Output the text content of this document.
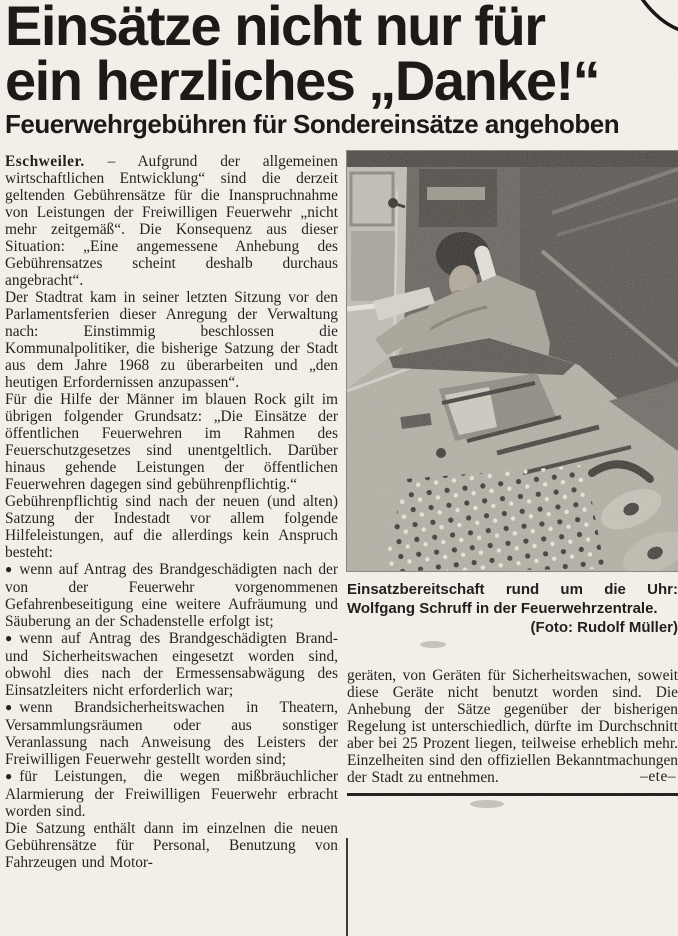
Einsätze nicht nur für
ein herzliches „Danke!“
Feuerwehrgebühren für Sondereinsätze angehoben

Eschweiler. – Aufgrund der allgemeinen wirtschaftlichen Entwicklung“ sind die derzeit geltenden Gebührensätze für die Inanspruchnahme von Leistungen der Freiwilligen Feuerwehr „nicht mehr zeitgemäß“. Die Konsequenz aus dieser Situation: „Eine angemessene Anhebung des Gebührensatzes scheint deshalb durchaus angebracht“.

Der Stadtrat kam in seiner letzten Sitzung vor den Parlamentsferien dieser Anregung der Verwaltung nach: Einstimmig beschlossen die Kommunalpolitiker, die bisherige Satzung der Stadt aus dem Jahre 1968 zu überarbeiten und „den heutigen Erfordernissen anzupassen“.

Für die Hilfe der Männer im blauen Rock gilt im übrigen folgender Grundsatz: „Die Einsätze der öffentlichen Feuerwehren im Rahmen des Feuerschutzgesetzes sind unentgeltlich. Darüber hinaus gehende Leistungen der öffentlichen Feuerwehren dagegen sind gebührenpflichtig.“

Gebührenpflichtig sind nach der neuen (und alten) Satzung der Indestadt vor allem folgende Hilfeleistungen, auf die allerdings kein Anspruch besteht:

● wenn auf Antrag des Brandgeschädigten nach der von der Feuerwehr vorgenommenen Gefahrenbeseitigung eine weitere Aufräumung und Säuberung an der Schadenstelle erfolgt ist;

● wenn auf Antrag des Brandgeschädigten Brand- und Sicherheitswachen eingesetzt worden sind, obwohl dies nach der Ermessensabwägung des Einsatzleiters nicht erforderlich war;

● wenn Brandsicherheitswachen in Theatern, Versammlungsräumen oder aus sonstiger Veranlassung nach Anweisung des Leisters der Freiwilligen Feuerwehr gestellt worden sind;

● für Leistungen, die wegen mißbräuchlicher Alarmierung der Freiwilligen Feuerwehr erbracht worden sind.

Die Satzung enthält dann im einzelnen die neuen Gebührensätze für Personal, Benutzung von Fahrzeugen und Motor-

Einsatzbereitschaft rund um die Uhr: Wolfgang Schruff in der Feuerwehrzentrale.

(Foto: Rudolf Müller)

geräten, von Geräten für Sicherheitswachen, soweit diese Geräte nicht benutzt worden sind. Die Anhebung der Sätze gegenüber der bisherigen Regelung ist unterschiedlich, dürfte im Durchschnitt aber bei 25 Prozent liegen, teilweise erheblich mehr. Einzelheiten sind den offiziellen Bekanntmachungen der Stadt zu entnehmen.	–ete–
